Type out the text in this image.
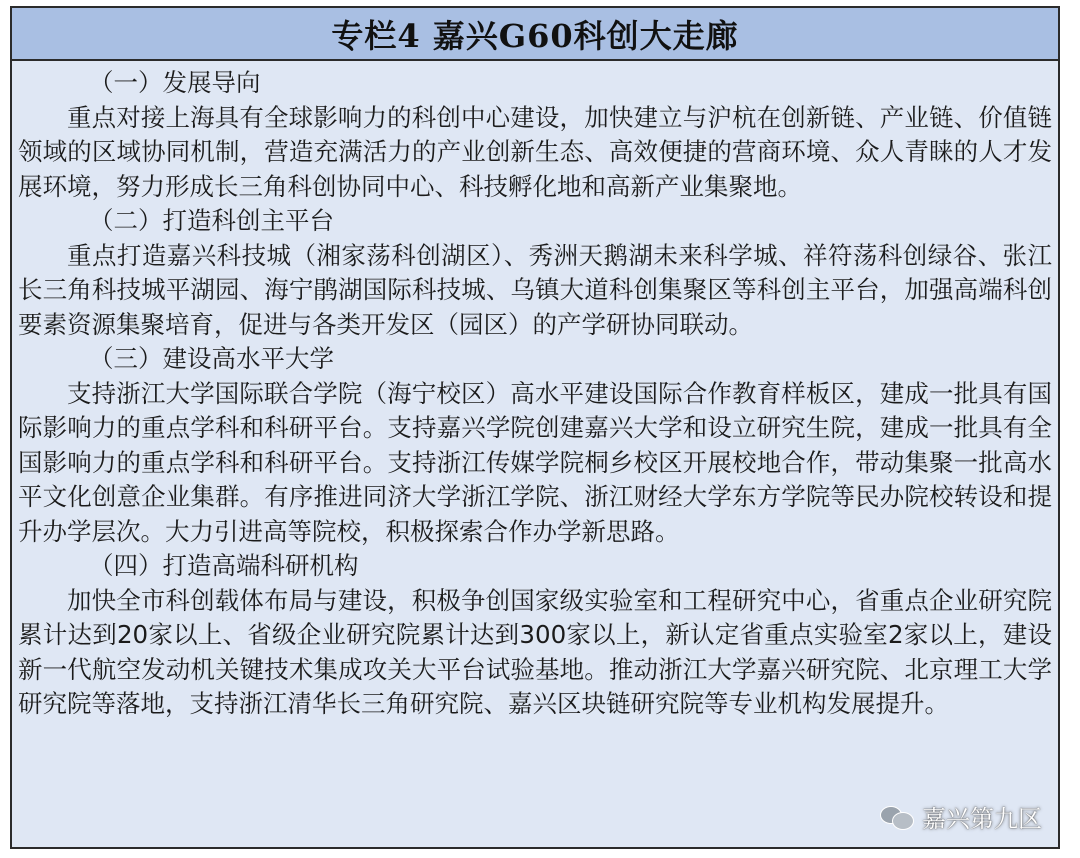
专栏4 嘉兴G60科创大走廊
（一）发展导向

重点对接上海具有全球影响力的科创中心建设，加快建立与沪杭在创新链、产业链、价值链领域的区域协同机制，营造充满活力的产业创新生态、高效便捷的营商环境、众人青睐的人才发展环境，努力形成长三角科创协同中心、科技孵化地和高新产业集聚地。

（二）打造科创主平台

重点打造嘉兴科技城（湘家荡科创湖区）、秀洲天鹅湖未来科学城、祥符荡科创绿谷、张江长三角科技城平湖园、海宁鹃湖国际科技城、乌镇大道科创集聚区等科创主平台，加强高端科创要素资源集聚培育，促进与各类开发区（园区）的产学研协同联动。

（三）建设高水平大学

支持浙江大学国际联合学院（海宁校区）高水平建设国际合作教育样板区，建成一批具有国际影响力的重点学科和科研平台。支持嘉兴学院创建嘉兴大学和设立研究生院，建成一批具有全国影响力的重点学科和科研平台。支持浙江传媒学院桐乡校区开展校地合作，带动集聚一批高水平文化创意企业集群。有序推进同济大学浙江学院、浙江财经大学东方学院等民办院校转设和提升办学层次。大力引进高等院校，积极探索合作办学新思路。

（四）打造高端科研机构

加快全市科创载体布局与建设，积极争创国家级实验室和工程研究中心，省重点企业研究院累计达到20家以上、省级企业研究院累计达到300家以上，新认定省重点实验室2家以上，建设新一代航空发动机关键技术集成攻关大平台试验基地。推动浙江大学嘉兴研究院、北京理工大学研究院等落地，支持浙江清华长三角研究院、嘉兴区块链研究院等专业机构发展提升。

嘉兴第九区
